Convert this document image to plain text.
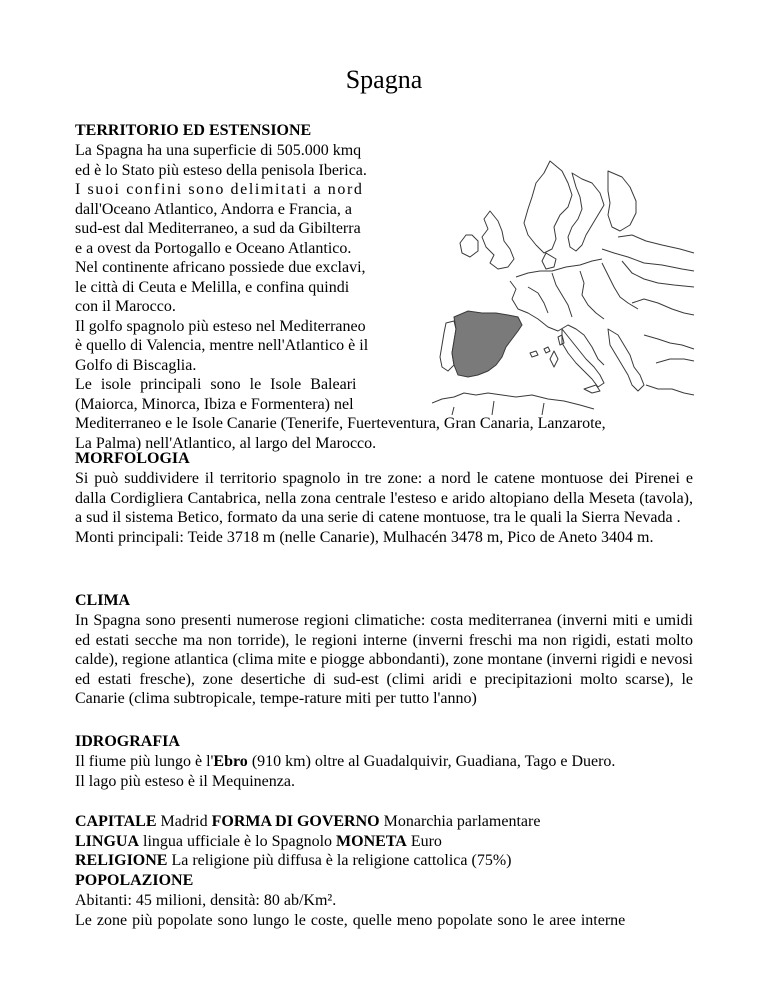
Spagna
TERRITORIO ED ESTENSIONE
La Spagna ha una superficie di 505.000 kmq
ed è lo Stato più esteso della penisola Iberica.
I suoi confini sono delimitati a nord
dall'Oceano Atlantico, Andorra e Francia, a
sud-est dal Mediterraneo, a sud da Gibilterra
e a ovest da Portogallo e Oceano Atlantico.
Nel continente africano possiede due exclavi,
le città di Ceuta e Melilla, e confina quindi
con il Marocco.
Il golfo spagnolo più esteso nel Mediterraneo
è quello di Valencia, mentre nell'Atlantico è il
Golfo di Biscaglia.
Le isole principali sono le Isole Baleari
(Maiorca, Minorca, Ibiza e Formentera) nel
Mediterraneo e le Isole Canarie (Tenerife, Fuerteventura, Gran Canaria, Lanzarote,
La Palma) nell'Atlantico, al largo del Marocco.
MORFOLOGIA
Si può suddividere il territorio spagnolo in tre zone: a nord le catene montuose dei Pirenei e dalla Cordigliera Cantabrica, nella zona centrale l'esteso e arido altopiano della Meseta (tavola), a sud il sistema Betico, formato da una serie di catene montuose, tra le quali la Sierra Nevada .
Monti principali: Teide 3718 m (nelle Canarie), Mulhacén 3478 m, Pico de Aneto 3404 m.
CLIMA
In Spagna sono presenti numerose regioni climatiche: costa mediterranea (inverni miti e umidi ed estati secche ma non torride), le regioni interne (inverni freschi ma non rigidi, estati molto calde), regione atlantica (clima mite e piogge abbondanti), zone montane (inverni rigidi e nevosi ed estati fresche), zone desertiche di sud-est (climi aridi e precipitazioni molto scarse), le Canarie (clima subtropicale, tempe-rature miti per tutto l'anno)
IDROGRAFIA
Il fiume più lungo è l'Ebro (910 km) oltre al Guadalquivir, Guadiana, Tago e Duero.
Il lago più esteso è il Mequinenza.
CAPITALE Madrid FORMA DI GOVERNO Monarchia parlamentare
LINGUA lingua ufficiale è lo Spagnolo MONETA Euro
RELIGIONE La religione più diffusa è la religione cattolica (75%)
POPOLAZIONE
Abitanti: 45 milioni, densità: 80 ab/Km².
Le zone più popolate sono lungo le coste, quelle meno popolate sono le aree interne
